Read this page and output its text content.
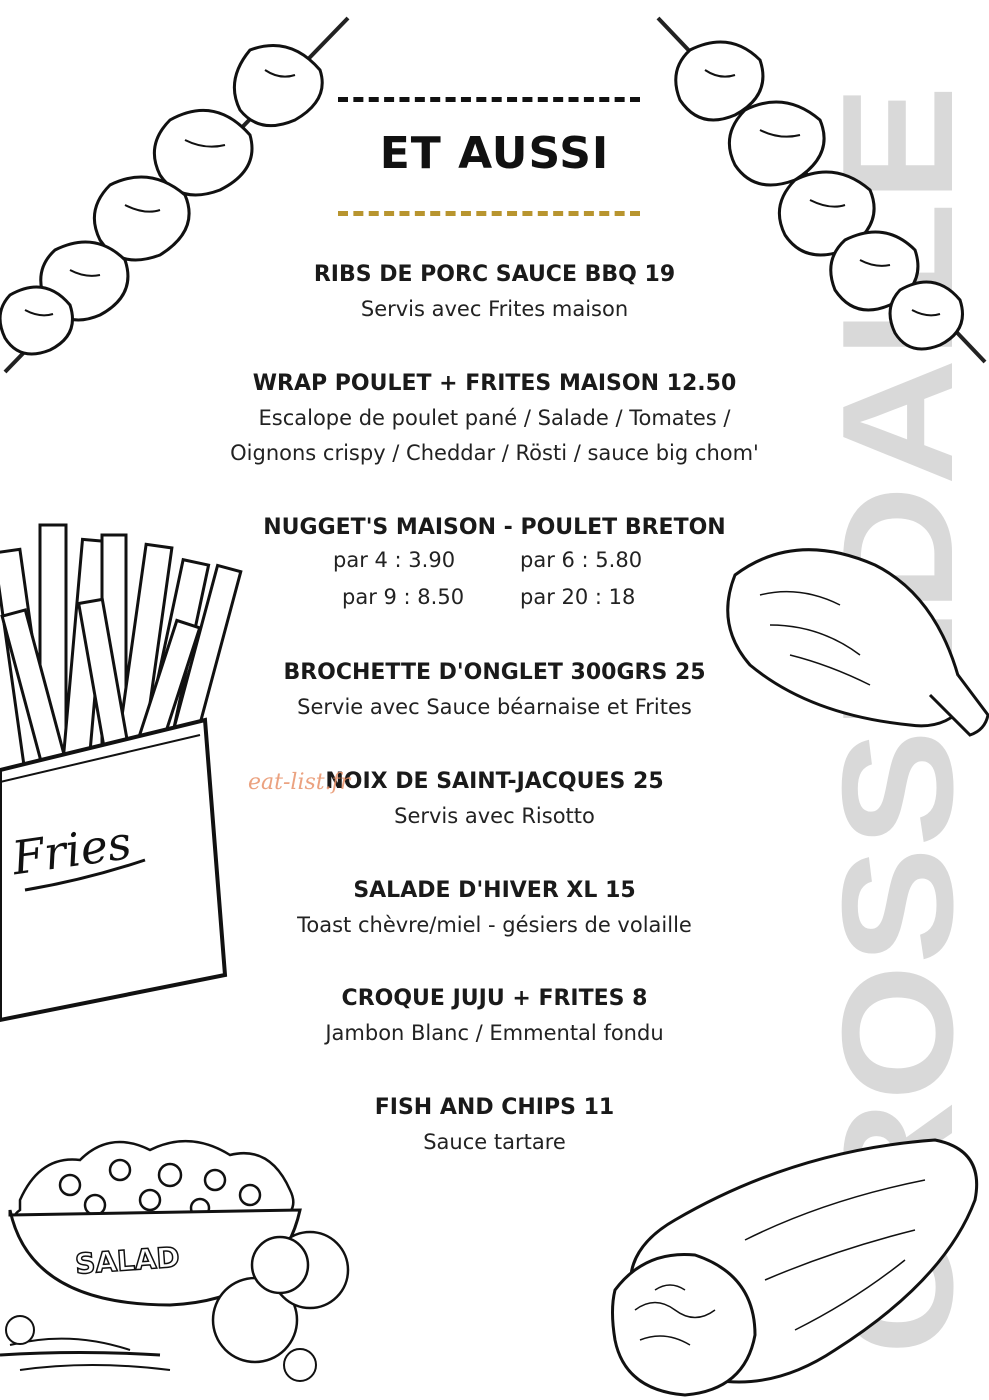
CROSSEDAILE
Fries
SALAD
ET AUSSI
RIBS DE PORC SAUCE BBQ 19
Servis avec Frites maison
WRAP POULET + FRITES MAISON 12.50
Escalope de poulet pané / Salade / Tomates /
Oignons crispy / Cheddar / Rösti / sauce big chom'
NUGGET'S MAISON - POULET BRETON
par 4 : 3.90	par 6 : 5.80
par 9 : 8.50	par 20 : 18
BROCHETTE D'ONGLET 300GRS 25
Servie avec Sauce béarnaise et Frites
NOIX DE SAINT-JACQUES 25
Servis avec Risotto
SALADE D'HIVER XL 15
Toast chèvre/miel - gésiers de volaille
CROQUE JUJU + FRITES 8
Jambon Blanc / Emmental fondu
FISH AND CHIPS 11
Sauce tartare
eat-list.fr
